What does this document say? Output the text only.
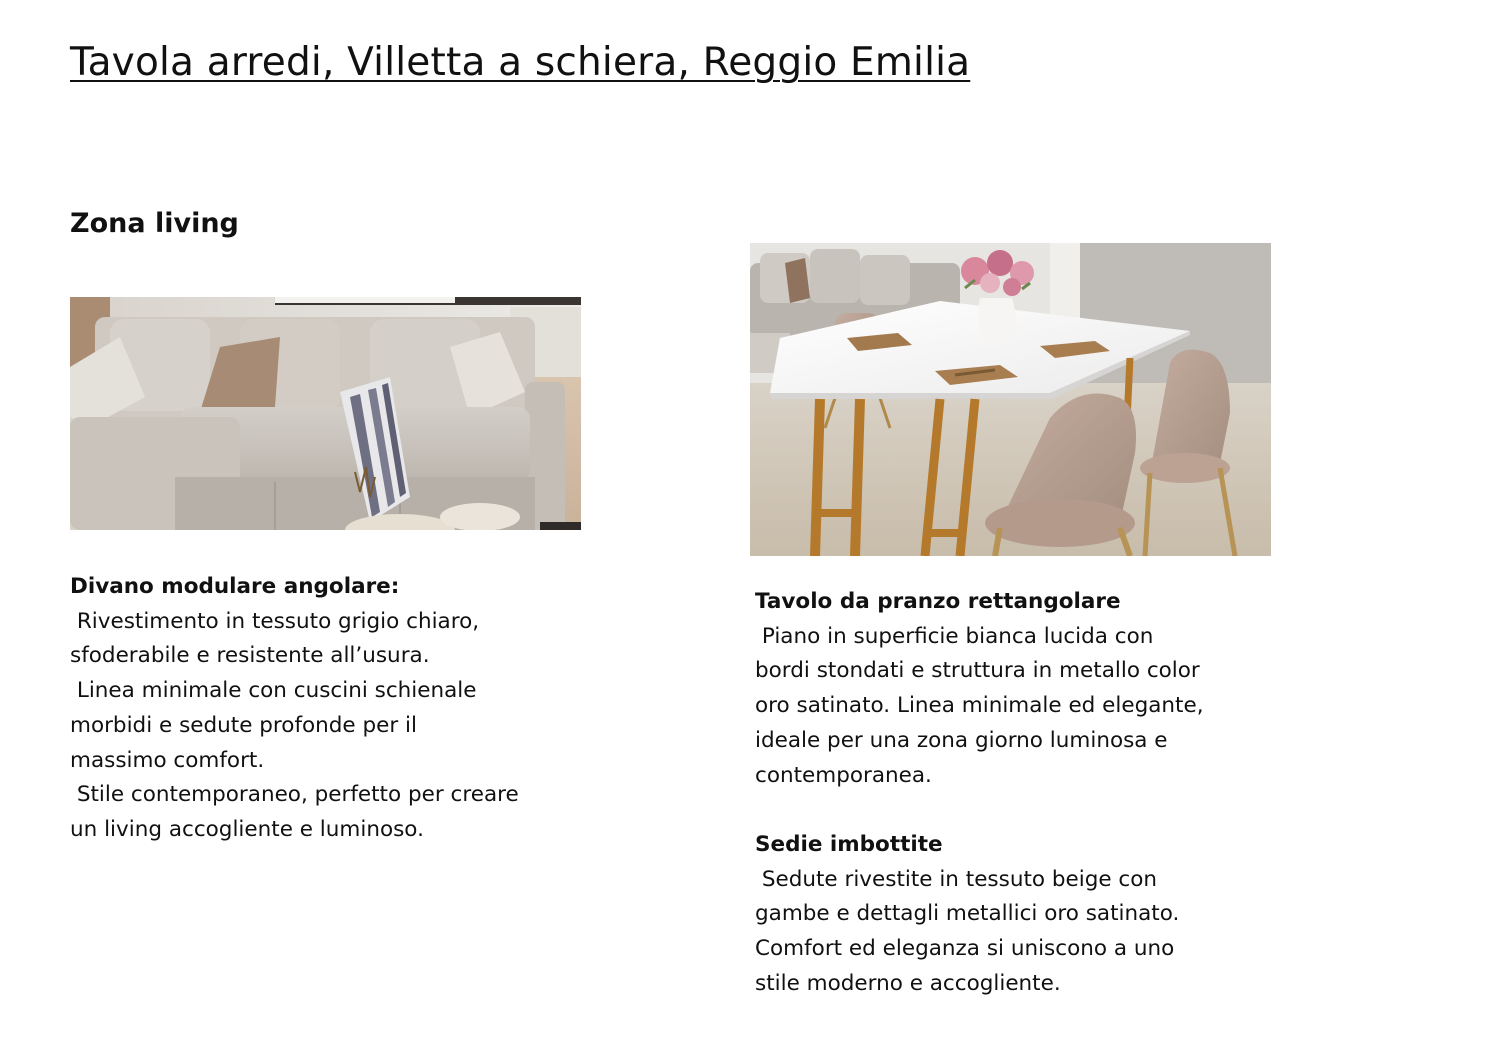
Tavola arredi, Villetta a schiera, Reggio Emilia
Zona living
Divano modulare angolare:
Rivestimento in tessuto grigio chiaro,
sfoderabile e resistente all’usura.
Linea minimale con cuscini schienale
morbidi e sedute profonde per il
massimo comfort.
Stile contemporaneo, perfetto per creare
un living accogliente e luminoso.
Tavolo da pranzo rettangolare
Piano in superficie bianca lucida con
bordi stondati e struttura in metallo color
oro satinato. Linea minimale ed elegante,
ideale per una zona giorno luminosa e
contemporanea.
Sedie imbottite
Sedute rivestite in tessuto beige con
gambe e dettagli metallici oro satinato.
Comfort ed eleganza si uniscono a uno
stile moderno e accogliente.
